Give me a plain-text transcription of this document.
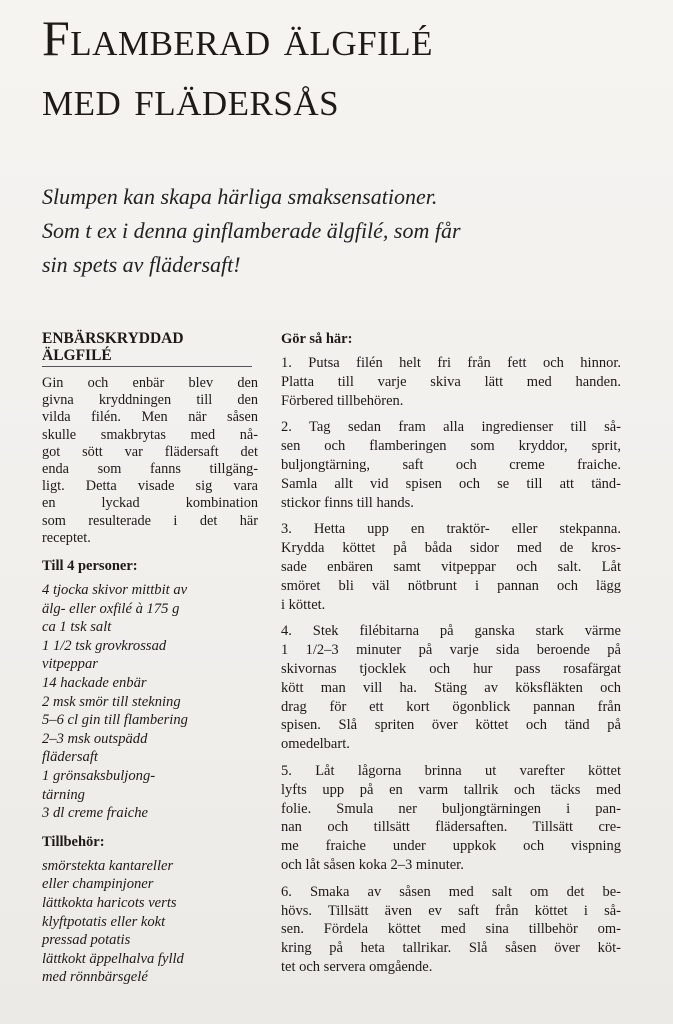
Flamberad älgfilé
med flädersås
Slumpen kan skapa härliga smaksensationer.
Som t ex i denna ginflamberade älgfilé, som får
sin spets av flädersaft!
ENBÄRSKRYDDAD
ÄLGFILÉ
Gin och enbär blev den
givna kryddningen till den
vilda filén. Men när såsen
skulle smakbrytas med nå-
got sött var flädersaft det
enda som fanns tillgäng-
ligt. Detta visade sig vara
en lyckad kombination
som resulterade i det här
receptet.
Till 4 personer:
4 tjocka skivor mittbit av
älg- eller oxfilé à 175 g
ca 1 tsk salt
1 1/2 tsk grovkrossad
vitpeppar
14 hackade enbär
2 msk smör till stekning
5–6 cl gin till flambering
2–3 msk outspädd
flädersaft
1 grönsaksbuljong-
tärning
3 dl creme fraiche
Tillbehör:
smörstekta kantareller
eller champinjoner
lättkokta haricots verts
klyftpotatis eller kokt
pressad potatis
lättkokt äppelhalva fylld
med rönnbärsgelé
Gör så här:
1. Putsa filén helt fri från fett och hinnor.
Platta till varje skiva lätt med handen.
Förbered tillbehören.
2. Tag sedan fram alla ingredienser till så-
sen och flamberingen som kryddor, sprit,
buljongtärning, saft och creme fraiche.
Samla allt vid spisen och se till att tänd-
stickor finns till hands.
3. Hetta upp en traktör- eller stekpanna.
Krydda köttet på båda sidor med de kros-
sade enbären samt vitpeppar och salt. Låt
smöret bli väl nötbrunt i pannan och lägg
i köttet.
4. Stek filébitarna på ganska stark värme
1 1/2–3 minuter på varje sida beroende på
skivornas tjocklek och hur pass rosafärgat
kött man vill ha. Stäng av köksfläkten och
drag för ett kort ögonblick pannan från
spisen. Slå spriten över köttet och tänd på
omedelbart.
5. Låt lågorna brinna ut varefter köttet
lyfts upp på en varm tallrik och täcks med
folie. Smula ner buljongtärningen i pan-
nan och tillsätt flädersaften. Tillsätt cre-
me fraiche under uppkok och vispning
och låt såsen koka 2–3 minuter.
6. Smaka av såsen med salt om det be-
hövs. Tillsätt även ev saft från köttet i så-
sen. Fördela köttet med sina tillbehör om-
kring på heta tallrikar. Slå såsen över köt-
tet och servera omgående.
